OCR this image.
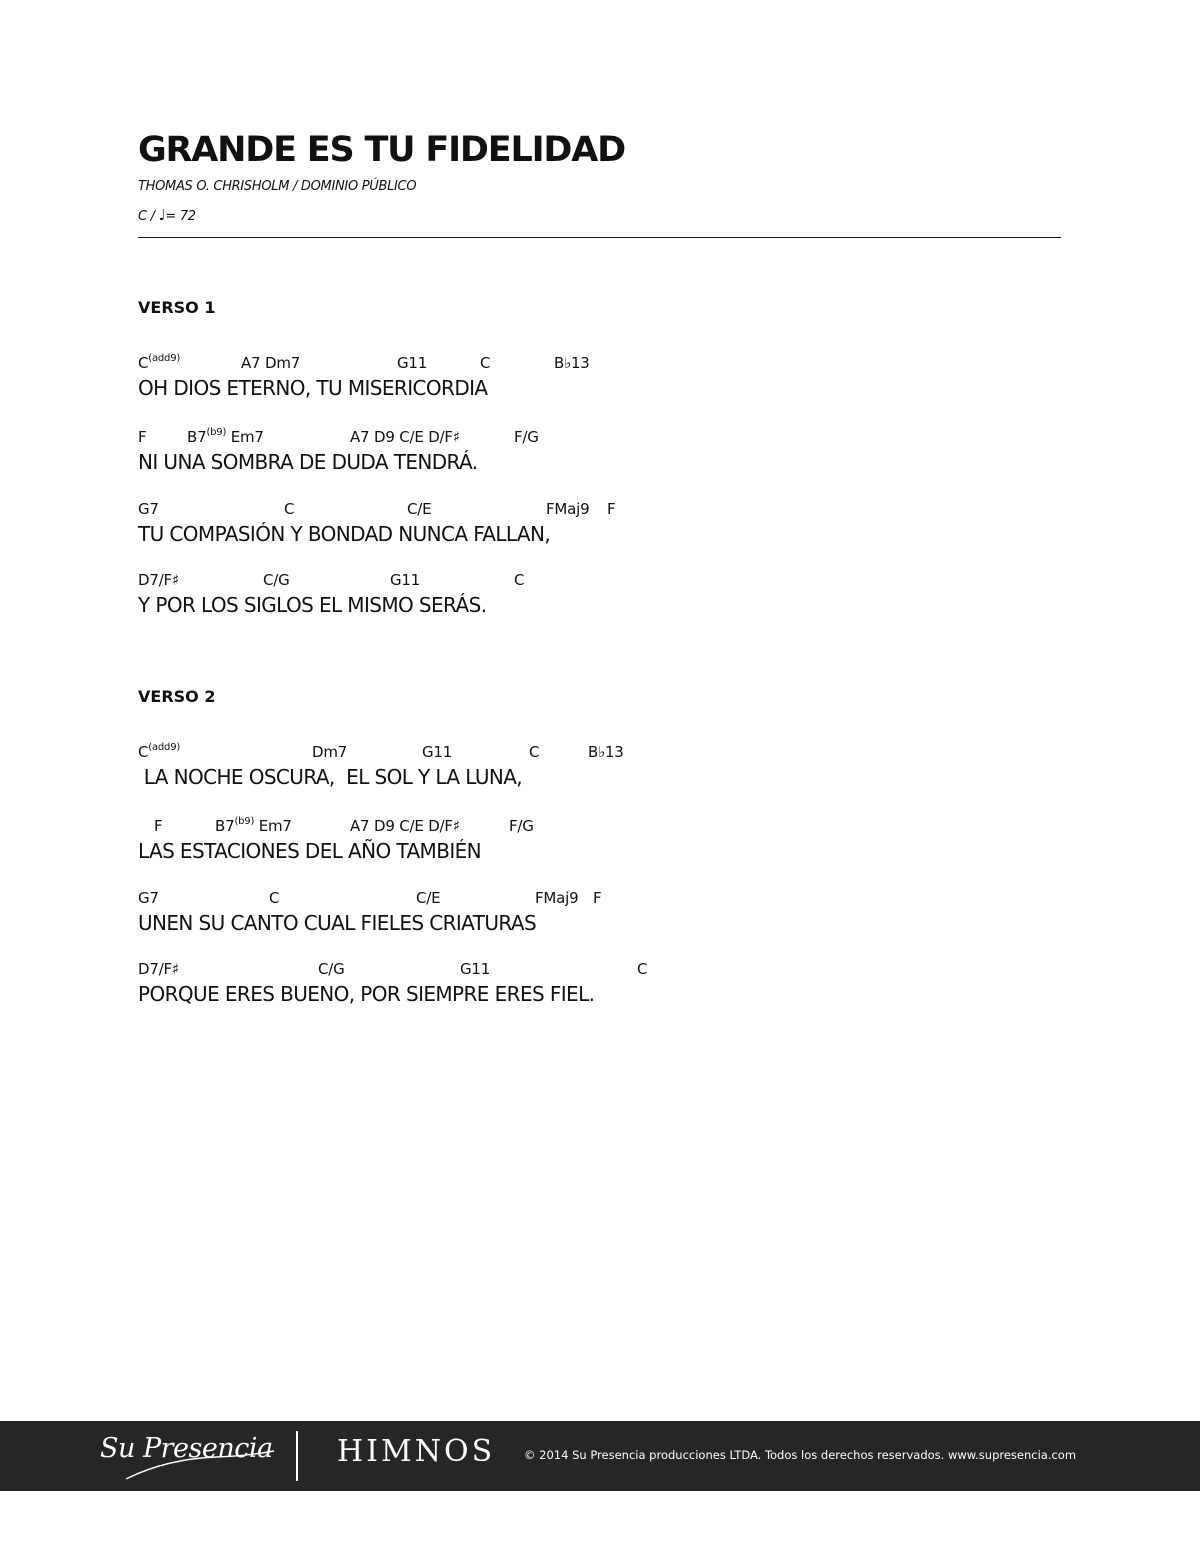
GRANDE ES TU FIDELIDAD
THOMAS O. CHRISHOLM / DOMINIO PÚBLICO
C / ♩= 72
VERSO 1
$C^{(add9)}$	A7 Dm7	G11	C	B♭13
OH DIOS ETERNO, TU MISERICORDIA
F	$B7^{(b9)}$ Em7	A7 D9 C/E D/F♯	F/G
NI UNA SOMBRA DE DUDA TENDRÁ.
G7	C	C/E	FMaj9 F
TU COMPASIÓN Y BONDAD NUNCA FALLAN,
D7/F♯	C/G	G11	C
Y POR LOS SIGLOS EL MISMO SERÁS.
VERSO 2
$C^{(add9)}$	Dm7	G11	C	B♭13
LA NOCHE OSCURA,  EL SOL Y LA LUNA,
F	$B7^{(b9)}$ Em7	A7 D9 C/E D/F♯	F/G
LAS ESTACIONES DEL AÑO TAMBIÉN
G7	C	C/E	FMaj9 F
UNEN SU CANTO CUAL FIELES CRIATURAS
D7/F♯	C/G	G11	C
PORQUE ERES BUENO, POR SIEMPRE ERES FIEL.
Su Presencia HIMNOS	© 2014 Su Presencia producciones LTDA. Todos los derechos reservados. www.supresencia.com
